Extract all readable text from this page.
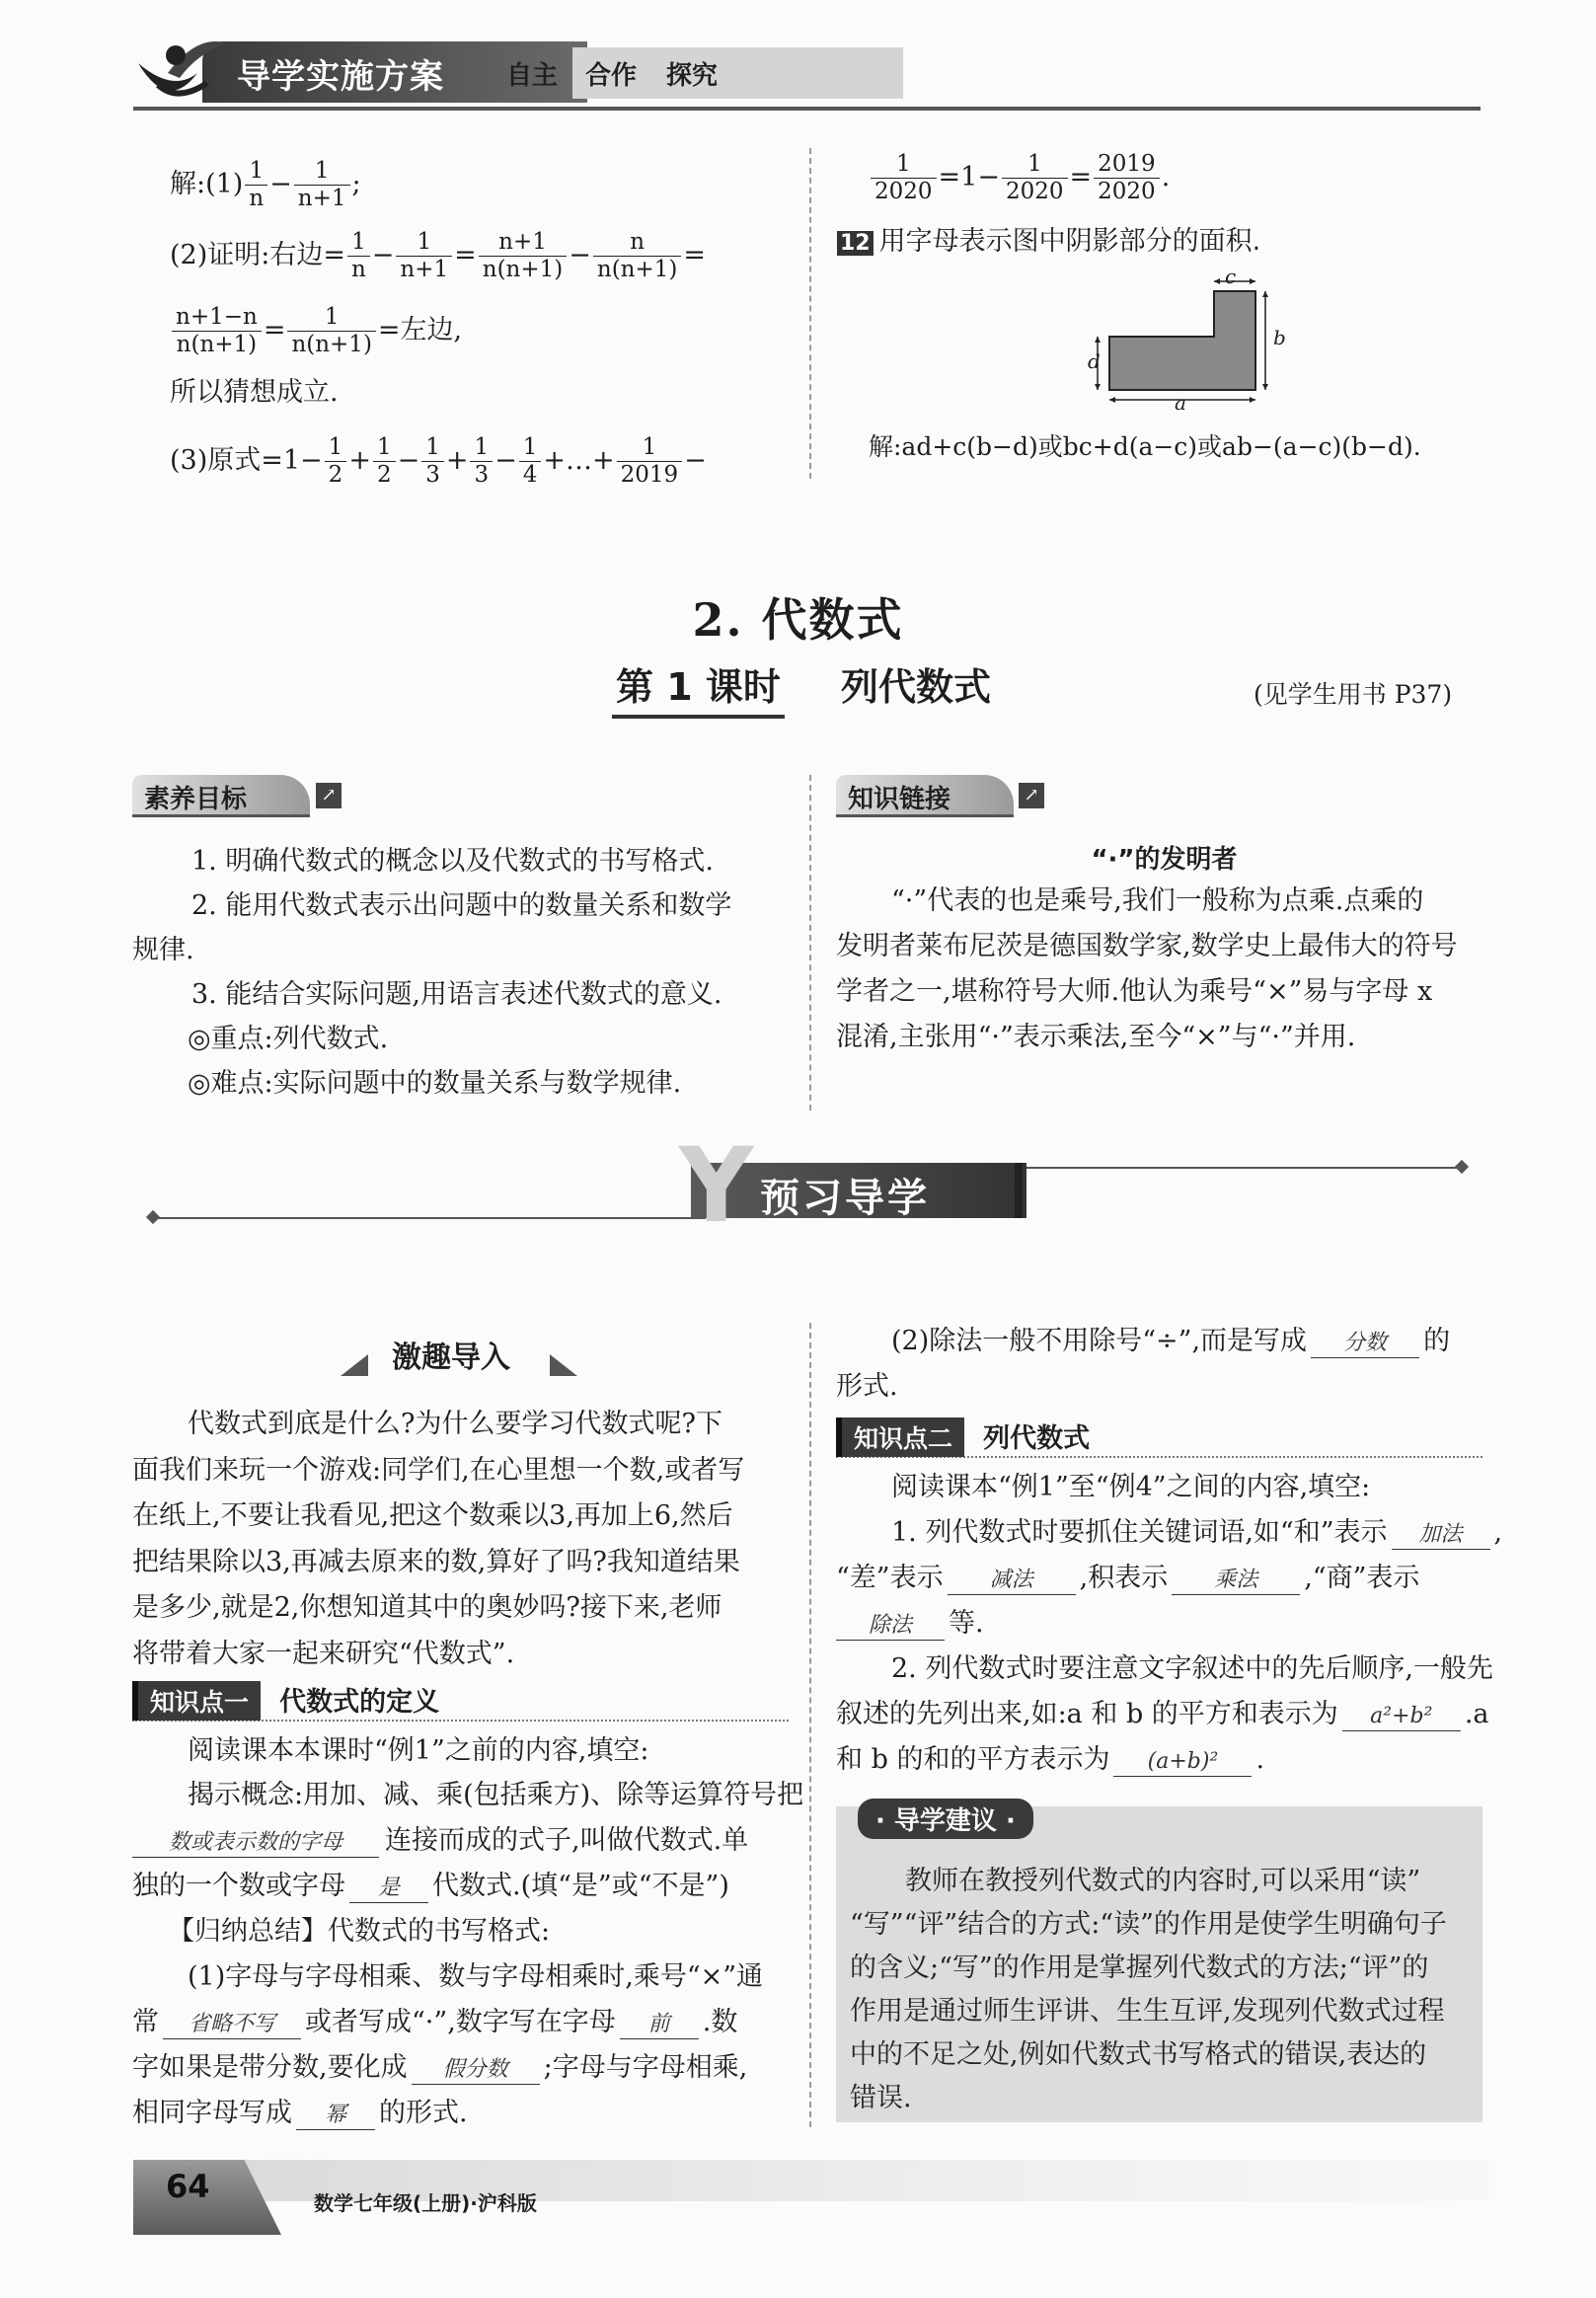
导学实施方案 自主 合作 探究
解:(1) $\frac{1}{n} - \frac{1}{n+1}$ ;
(2)证明:右边= $\frac{1}{n} - \frac{1}{n+1} = \frac{n+1}{n(n+1)} - \frac{n}{n(n+1)}$ =
$\frac{n+1-n}{n(n+1)} = \frac{1}{n(n+1)}$ =左边,
所以猜想成立.
(3)原式$=1- \frac{1}{2} + \frac{1}{2} - \frac{1}{3} + \frac{1}{3} - \frac{1}{4}$ +…+ $\frac{1}{2019}$ −
$\frac{1}{2020} =1- \frac{1}{2020} = \frac{2019}{2020}$ .
12 用字母表示图中阴影部分的面积.
c
b
d
a
解:ad+c(b−d)或bc+d(a−c)或ab−(a−c)(b−d).
2. 代数式
第 1 课时 列代数式	(见学生用书 P37)
素养目标	↗
1. 明确代数式的概念以及代数式的书写格式.
2. 能用代数式表示出问题中的数量关系和数学
规律.
3. 能结合实际问题,用语言表述代数式的意义.
◎重点:列代数式.
◎难点:实际问题中的数量关系与数学规律.
知识链接	↗
“·”的发明者
“·”代表的也是乘号,我们一般称为点乘.点乘的
发明者莱布尼茨是德国数学家,数学史上最伟大的符号
学者之一,堪称符号大师.他认为乘号“×”易与字母 x
混淆,主张用“·”表示乘法,至今“×”与“·”并用.
Y 预习导学
激趣导入
代数式到底是什么?为什么要学习代数式呢?下
面我们来玩一个游戏:同学们,在心里想一个数,或者写
在纸上,不要让我看见,把这个数乘以3,再加上6,然后
把结果除以3,再减去原来的数,算好了吗?我知道结果
是多少,就是2,你想知道其中的奥妙吗?接下来,老师
将带着大家一起来研究“代数式”.
知识点一 代数式的定义
阅读课本本课时“例1”之前的内容,填空:
揭示概念:用加、减、乘(包括乘方)、除等运算符号把
数或表示数的字母 连接而成的式子,叫做代数式.单
独的一个数或字母 是 代数式.(填“是”或“不是”)
【归纳总结】代数式的书写格式:
(1)字母与字母相乘、数与字母相乘时,乘号“×”通
常 省略不写 或者写成“·”,数字写在字母 前 .数
字如果是带分数,要化成 假分数 ;字母与字母相乘,
相同字母写成 幂 的形式.
(2)除法一般不用除号“÷”,而是写成 分数 的
形式.
知识点二 列代数式
阅读课本“例1”至“例4”之间的内容,填空:
1. 列代数式时要抓住关键词语,如“和”表示 加法 ,
“差”表示 减法 ,积表示 乘法 ,“商”表示
除法 等.
2. 列代数式时要注意文字叙述中的先后顺序,一般先
叙述的先列出来,如:a 和 b 的平方和表示为 a²+b² .a
和 b 的和的平方表示为 (a+b)² .
· 导学建议 ·
教师在教授列代数式的内容时,可以采用“读”
“写”“评”结合的方式:“读”的作用是使学生明确句子
的含义;“写”的作用是掌握列代数式的方法;“评”的
作用是通过师生评讲、生生互评,发现列代数式过程
中的不足之处,例如代数式书写格式的错误,表达的
错误.
64	数学七年级(上册)·沪科版
